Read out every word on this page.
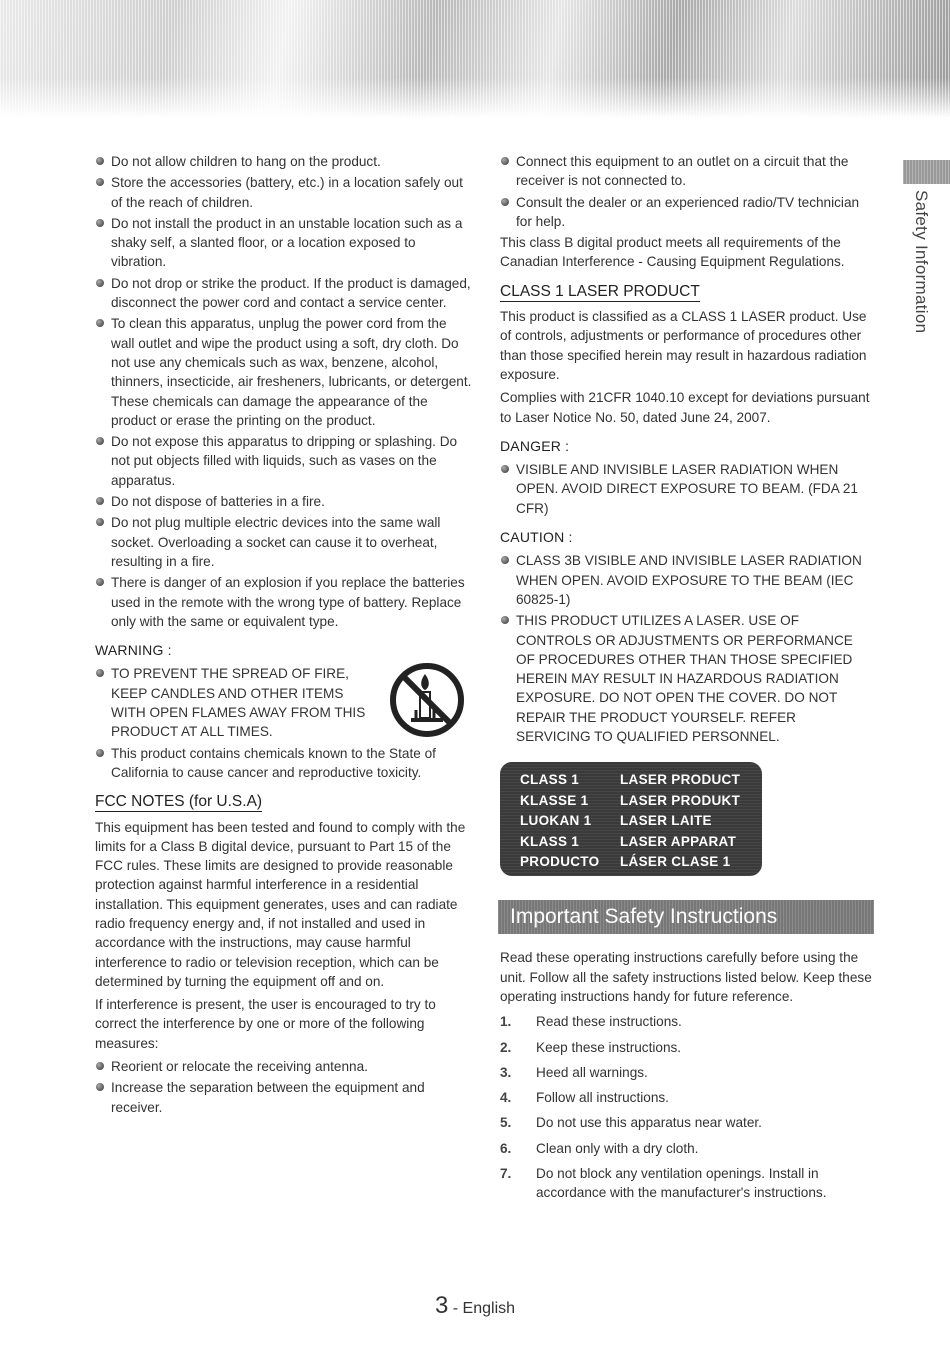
Safety Information
Do not allow children to hang on the product.
Store the accessories (battery, etc.) in a location safely out of the reach of children.
Do not install the product in an unstable location such as a shaky self, a slanted floor, or a location exposed to vibration.
Do not drop or strike the product. If the product is damaged, disconnect the power cord and contact a service center.
To clean this apparatus, unplug the power cord from the wall outlet and wipe the product using a soft, dry cloth. Do not use any chemicals such as wax, benzene, alcohol, thinners, insecticide, air fresheners, lubricants, or detergent. These chemicals can damage the appearance of the product or erase the printing on the product.
Do not expose this apparatus to dripping or splashing. Do not put objects filled with liquids, such as vases on the apparatus.
Do not dispose of batteries in a fire.
Do not plug multiple electric devices into the same wall socket. Overloading a socket can cause it to overheat, resulting in a fire.
There is danger of an explosion if you replace the batteries used in the remote with the wrong type of battery. Replace only with the same or equivalent type.
WARNING :
TO PREVENT THE SPREAD OF FIRE, KEEP CANDLES AND OTHER ITEMS WITH OPEN FLAMES AWAY FROM THIS PRODUCT AT ALL TIMES.
This product contains chemicals known to the State of California to cause cancer and reproductive toxicity.
FCC NOTES (for U.S.A)

This equipment has been tested and found to comply with the limits for a Class B digital device, pursuant to Part 15 of the FCC rules. These limits are designed to provide reasonable protection against harmful interference in a residential installation. This equipment generates, uses and can radiate radio frequency energy and, if not installed and used in accordance with the instructions, may cause harmful interference to radio or television reception, which can be determined by turning the equipment off and on.

If interference is present, the user is encouraged to try to correct the interference by one or more of the following measures:

Reorient or relocate the receiving antenna.
Increase the separation between the equipment and receiver.
Connect this equipment to an outlet on a circuit that the receiver is not connected to.
Consult the dealer or an experienced radio/TV technician for help.

This class B digital product meets all requirements of the Canadian Interference - Causing Equipment Regulations.

CLASS 1 LASER PRODUCT

This product is classified as a CLASS 1 LASER product. Use of controls, adjustments or performance of procedures other than those specified herein may result in hazardous radiation exposure.

Complies with 21CFR 1040.10 except for deviations pursuant to Laser Notice No. 50, dated June 24, 2007.

DANGER :
VISIBLE AND INVISIBLE LASER RADIATION WHEN OPEN. AVOID DIRECT EXPOSURE TO BEAM. (FDA 21 CFR)
CAUTION :
CLASS 3B VISIBLE AND INVISIBLE LASER RADIATION WHEN OPEN. AVOID EXPOSURE TO THE BEAM (IEC 60825-1)
THIS PRODUCT UTILIZES A LASER. USE OF CONTROLS OR ADJUSTMENTS OR PERFORMANCE OF PROCEDURES OTHER THAN THOSE SPECIFIED HEREIN MAY RESULT IN HAZARDOUS RADIATION EXPOSURE. DO NOT OPEN THE COVER. DO NOT REPAIR THE PRODUCT YOURSELF. REFER SERVICING TO QUALIFIED PERSONNEL.
CLASS 1	LASER PRODUCT
KLASSE 1	LASER PRODUKT
LUOKAN 1	LASER LAITE
KLASS 1	LASER APPARAT
PRODUCTO	LÁSER CLASE 1
Important Safety Instructions

Read these operating instructions carefully before using the unit. Follow all the safety instructions listed below. Keep these operating instructions handy for future reference.

1. Read these instructions.
2. Keep these instructions.
3. Heed all warnings.
4. Follow all instructions.
5. Do not use this apparatus near water.
6. Clean only with a dry cloth.
7. Do not block any ventilation openings. Install in accordance with the manufacturer's instructions.
3 - English
